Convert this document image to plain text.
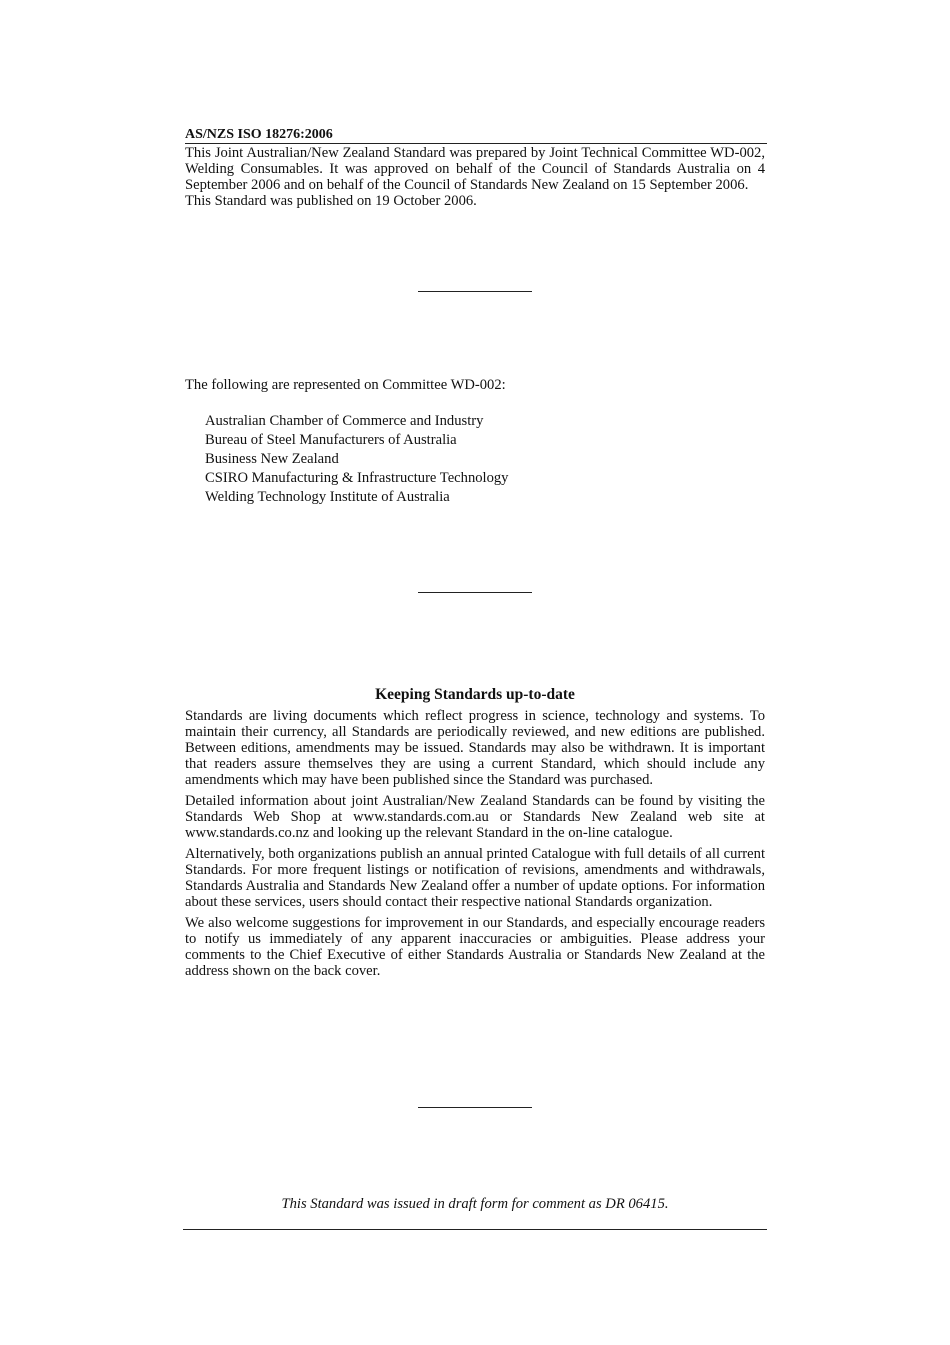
AS/NZS ISO 18276:2006

This Joint Australian/New Zealand Standard was prepared by Joint Technical Committee WD-002, Welding Consumables. It was approved on behalf of the Council of Standards Australia on 4 September 2006 and on behalf of the Council of Standards New Zealand on 15 September 2006.

This Standard was published on 19 October 2006.

The following are represented on Committee WD-002:
Australian Chamber of Commerce and Industry
Bureau of Steel Manufacturers of Australia
Business New Zealand
CSIRO Manufacturing & Infrastructure Technology
Welding Technology Institute of Australia
Keeping Standards up-to-date

Standards are living documents which reflect progress in science, technology and systems. To maintain their currency, all Standards are periodically reviewed, and new editions are published. Between editions, amendments may be issued. Standards may also be withdrawn. It is important that readers assure themselves they are using a current Standard, which should include any amendments which may have been published since the Standard was purchased.

Detailed information about joint Australian/New Zealand Standards can be found by visiting the Standards Web Shop at www.standards.com.au or Standards New Zealand web site at www.standards.co.nz and looking up the relevant Standard in the on-line catalogue.

Alternatively, both organizations publish an annual printed Catalogue with full details of all current Standards. For more frequent listings or notification of revisions, amendments and withdrawals, Standards Australia and Standards New Zealand offer a number of update options. For information about these services, users should contact their respective national Standards organization.

We also welcome suggestions for improvement in our Standards, and especially encourage readers to notify us immediately of any apparent inaccuracies or ambiguities. Please address your comments to the Chief Executive of either Standards Australia or Standards New Zealand at the address shown on the back cover.

This Standard was issued in draft form for comment as DR 06415.
